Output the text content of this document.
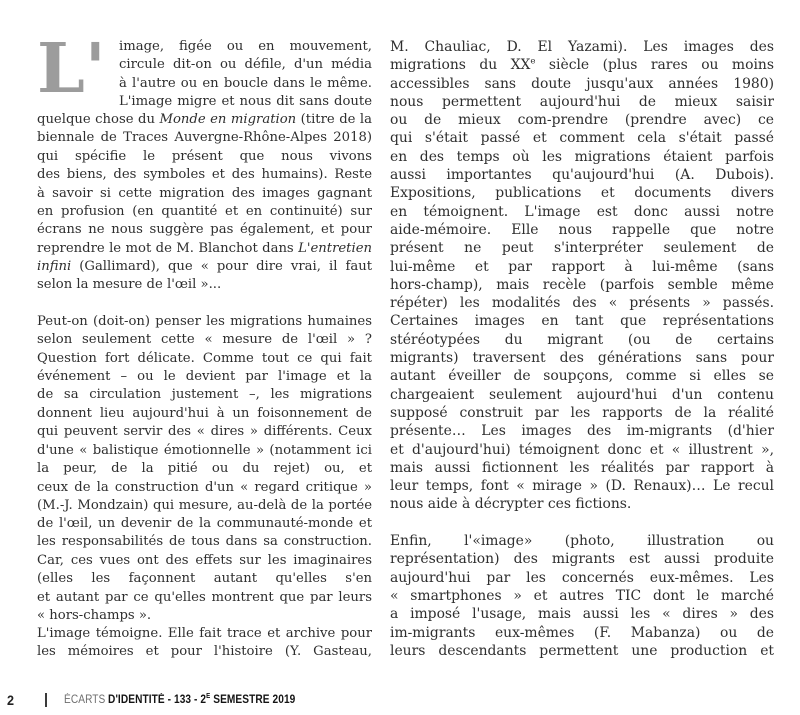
L'	image, figée ou en mouvement,
circule dit-on ou défile, d'un média
à l'autre ou en boucle dans le même.
L'image migre et nous dit sans doute
quelque chose du Monde en migration (titre de la
biennale de Traces Auvergne-Rhône-Alpes 2018)
qui spécifie le présent que nous vivons
des biens, des symboles et des humains). Reste
à savoir si cette migration des images gagnant
en profusion (en quantité et en continuité) sur
écrans ne nous suggère pas également, et pour
reprendre le mot de M. Blanchot dans L'entretien
infini (Gallimard), que « pour dire vrai, il faut
selon la mesure de l'œil »...
Peut-on (doit-on) penser les migrations humaines
selon seulement cette « mesure de l'œil » ?
Question fort délicate. Comme tout ce qui fait
événement – ou le devient par l'image et la
de sa circulation justement –, les migrations
donnent lieu aujourd'hui à un foisonnement de
qui peuvent servir des « dires » différents. Ceux
d'une « balistique émotionnelle » (notamment ici
la peur, de la pitié ou du rejet) ou, et
ceux de la construction d'un « regard critique »
(M.-J. Mondzain) qui mesure, au-delà de la portée
de l'œil, un devenir de la communauté-monde et
les responsabilités de tous dans sa construction.
Car, ces vues ont des effets sur les imaginaires
(elles les façonnent autant qu'elles s'en
et autant par ce qu'elles montrent que par leurs
« hors-champs ».
L'image témoigne. Elle fait trace et archive pour
les mémoires et pour l'histoire (Y. Gasteau,
M. Chauliac, D. El Yazami). Les images des
migrations du XXe siècle (plus rares ou moins
accessibles sans doute jusqu'aux années 1980)
nous permettent aujourd'hui de mieux saisir
ou de mieux com-prendre (prendre avec) ce
qui s'était passé et comment cela s'était passé
en des temps où les migrations étaient parfois
aussi importantes qu'aujourd'hui (A. Dubois).
Expositions, publications et documents divers
en témoignent. L'image est donc aussi notre
aide-mémoire. Elle nous rappelle que notre
présent ne peut s'interpréter seulement de
lui-même et par rapport à lui-même (sans
hors-champ), mais recèle (parfois semble même
répéter) les modalités des « présents » passés.
Certaines images en tant que représentations
stéréotypées du migrant (ou de certains
migrants) traversent des générations sans pour
autant éveiller de soupçons, comme si elles se
chargeaient seulement aujourd'hui d'un contenu
supposé construit par les rapports de la réalité
présente… Les images des im-migrants (d'hier
et d'aujourd'hui) témoignent donc et « illustrent »,
mais aussi fictionnent les réalités par rapport à
leur temps, font « mirage » (D. Renaux)… Le recul
nous aide à décrypter ces fictions.
Enfin, l'«image» (photo, illustration ou
représentation) des migrants est aussi produite
aujourd'hui par les concernés eux-mêmes. Les
« smartphones » et autres TIC dont le marché
a imposé l'usage, mais aussi les « dires » des
im-migrants eux-mêmes (F. Mabanza) ou de
leurs descendants permettent une production et
2	ÉCARTS D'IDENTITÉ - $133 - 2^E$ SEMESTRE 2019
